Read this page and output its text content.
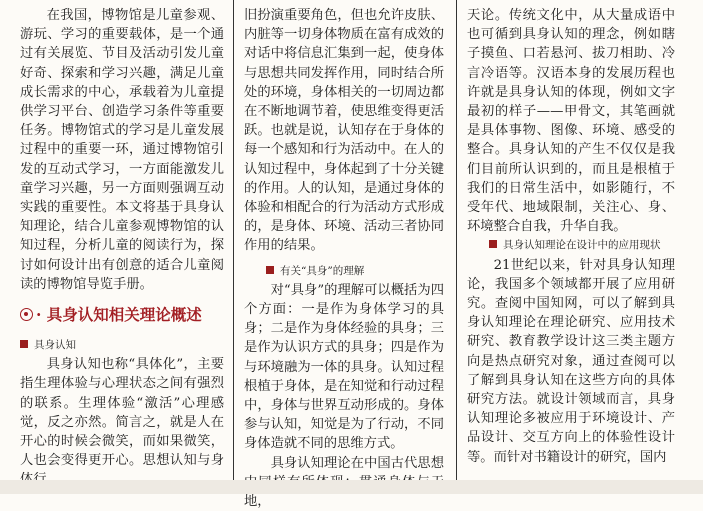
在我国，博物馆是儿童参观、游玩、学习的重要载体，是一个通过有关展览、节目及活动引发儿童好奇、探索和学习兴趣，满足儿童成长需求的中心，承载着为儿童提供学习平台、创造学习条件等重要任务。博物馆式的学习是儿童发展过程中的重要一环，通过博物馆引发的互动式学习，一方面能激发儿童学习兴趣，另一方面则强调互动实践的重要性。本文将基于具身认知理论，结合儿童参观博物馆的认知过程，分析儿童的阅读行为，探讨如何设计出有创意的适合儿童阅读的博物馆导览手册。

· 具身认知相关理论概述

具身认知

具身认知也称“具体化”，主要指生理体验与心理状态之间有强烈的联系。生理体验“激活”心理感觉，反之亦然。简言之，就是人在开心的时候会微笑，而如果微笑，人也会变得更开心。思想认知与身

旧扮演重要角色，但也允许皮肤、内脏等一切身体物质在富有成效的对话中将信息汇集到一起，使身体与思想共同发挥作用，同时结合所处的环境，身体相关的一切周边都在不断地调节着，使思维变得更活跃。也就是说，认知存在于身体的每一个感知和行为活动中。在人的认知过程中，身体起到了十分关键的作用。人的认知，是通过身体的体验和相配合的行为活动方式形成的，是身体、环境、活动三者协同作用的结果。

有关“具身”的理解

对“具身”的理解可以概括为四个方面：一是作为身体学习的具身；二是作为身体经验的具身；三是作为认识方式的具身；四是作为与环境融为一体的具身。认知过程根植于身体，是在知觉和行动过程中，身体与世界互动形成的。身体参与认知，知觉是为了行动，不同身体造就不同的思维方式。

具身认知理论在中国古代思想 地，

天论。传统文化中，从大量成语中也可循到具身认知的理念，例如瞎子摸鱼、口若悬河、拔刀相助、冷言冷语等。汉语本身的发展历程也许就是具身认知的体现，例如文字最初的样子——甲骨文，其笔画就是具体事物、图像、环境、感受的整合。具身认知的产生不仅仅是我们目前所认识到的，而且是根植于我们的日常生活中，如影随行，不受年代、地域限制，关注心、身、环境整合自我，升华自我。

具身认知理论在设计中的应用现状

21世纪以来，针对具身认知理论，我国多个领域都开展了应用研究。查阅中国知网，可以了解到具身认知理论在理论研究、应用技术研究、教育教学设计这三类主题方向是热点研究对象，通过查阅可以了解到具身认知在这些方向的具体研究方法。就设计领域而言，具身认知理论多被应用于环境设计、产品设计、交互方向上的体验性设计等。而针对书籍设计的研究，国内
